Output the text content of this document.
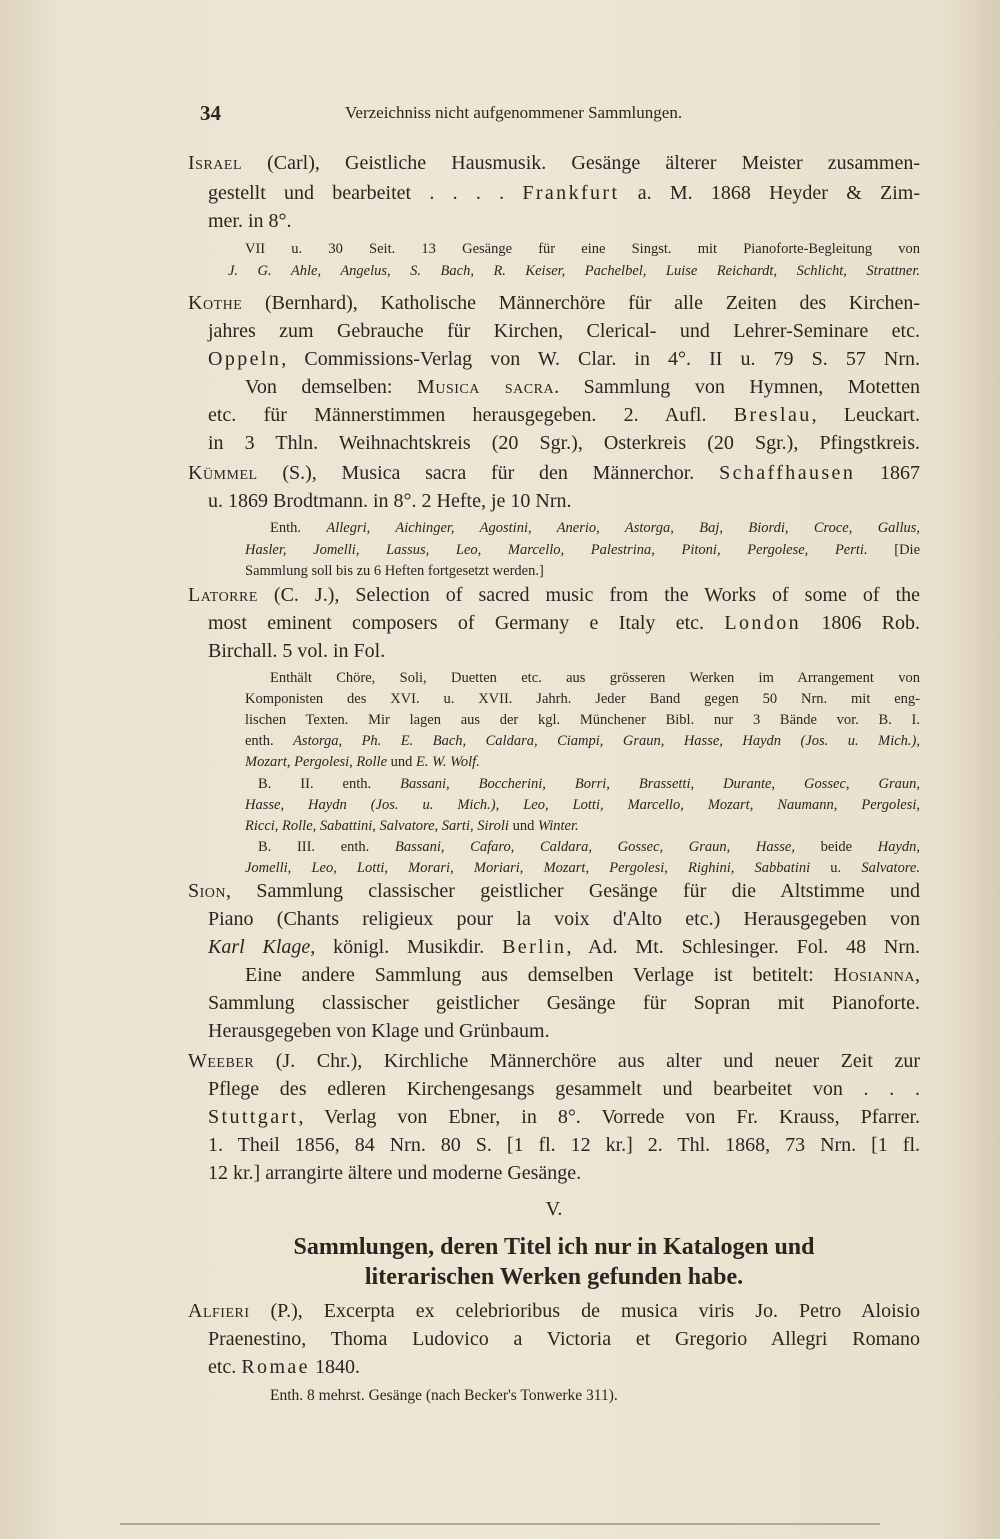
34	Verzeichniss nicht aufgenommener Sammlungen.
Israel (Carl), Geistliche Hausmusik. Gesänge älterer Meister zusammen-
gestellt und bearbeitet . . . . Frankfurt a. M. 1868 Heyder & Zim-
mer. in 8°.
VII u. 30 Seit. 13 Gesänge für eine Singst. mit Pianoforte-Begleitung von
J. G. Ahle, Angelus, S. Bach, R. Keiser, Pachelbel, Luise Reichardt, Schlicht, Strattner.
Kothe (Bernhard), Katholische Männerchöre für alle Zeiten des Kirchen-
jahres zum Gebrauche für Kirchen, Clerical- und Lehrer-Seminare etc.
Oppeln, Commissions-Verlag von W. Clar. in 4°. II u. 79 S. 57 Nrn.
Von demselben: Musica sacra. Sammlung von Hymnen, Motetten
etc. für Männerstimmen herausgegeben. 2. Aufl. Breslau, Leuckart.
in 3 Thln. Weihnachtskreis (20 Sgr.), Osterkreis (20 Sgr.), Pfingstkreis.
Kümmel (S.), Musica sacra für den Männerchor. Schaffhausen 1867
u. 1869 Brodtmann. in 8°. 2 Hefte, je 10 Nrn.
Enth. Allegri, Aichinger, Agostini, Anerio, Astorga, Baj, Biordi, Croce, Gallus,
Hasler, Jomelli, Lassus, Leo, Marcello, Palestrina, Pitoni, Pergolese, Perti. [Die
Sammlung soll bis zu 6 Heften fortgesetzt werden.]
Latorre (C. J.), Selection of sacred music from the Works of some of the
most eminent composers of Germany e Italy etc. London 1806 Rob.
Birchall. 5 vol. in Fol.
Enthält Chöre, Soli, Duetten etc. aus grösseren Werken im Arrangement von
Komponisten des XVI. u. XVII. Jahrh. Jeder Band gegen 50 Nrn. mit eng-
lischen Texten. Mir lagen aus der kgl. Münchener Bibl. nur 3 Bände vor. B. I.
enth. Astorga, Ph. E. Bach, Caldara, Ciampi, Graun, Hasse, Haydn (Jos. u. Mich.),
Mozart, Pergolesi, Rolle und E. W. Wolf.
B. II. enth. Bassani, Boccherini, Borri, Brassetti, Durante, Gossec, Graun,
Hasse, Haydn (Jos. u. Mich.), Leo, Lotti, Marcello, Mozart, Naumann, Pergolesi,
Ricci, Rolle, Sabattini, Salvatore, Sarti, Siroli und Winter.
B. III. enth. Bassani, Cafaro, Caldara, Gossec, Graun, Hasse, beide Haydn,
Jomelli, Leo, Lotti, Morari, Moriari, Mozart, Pergolesi, Righini, Sabbatini u. Salvatore.
Sion, Sammlung classischer geistlicher Gesänge für die Altstimme und
Piano (Chants religieux pour la voix d'Alto etc.) Herausgegeben von
Karl Klage, königl. Musikdir. Berlin, Ad. Mt. Schlesinger. Fol. 48 Nrn.
Eine andere Sammlung aus demselben Verlage ist betitelt: Hosianna,
Sammlung classischer geistlicher Gesänge für Sopran mit Pianoforte.
Herausgegeben von Klage und Grünbaum.
Weeber (J. Chr.), Kirchliche Männerchöre aus alter und neuer Zeit zur
Pflege des edleren Kirchengesangs gesammelt und bearbeitet von . . .
Stuttgart, Verlag von Ebner, in 8°. Vorrede von Fr. Krauss, Pfarrer.
1. Theil 1856, 84 Nrn. 80 S. [1 fl. 12 kr.] 2. Thl. 1868, 73 Nrn. [1 fl.
12 kr.] arrangirte ältere und moderne Gesänge.
V.
Sammlungen, deren Titel ich nur in Katalogen und
literarischen Werken gefunden habe.
Alfieri (P.), Excerpta ex celebrioribus de musica viris Jo. Petro Aloisio
Praenestino, Thoma Ludovico a Victoria et Gregorio Allegri Romano
etc. Romae 1840.
Enth. 8 mehrst. Gesänge (nach Becker's Tonwerke 311).
